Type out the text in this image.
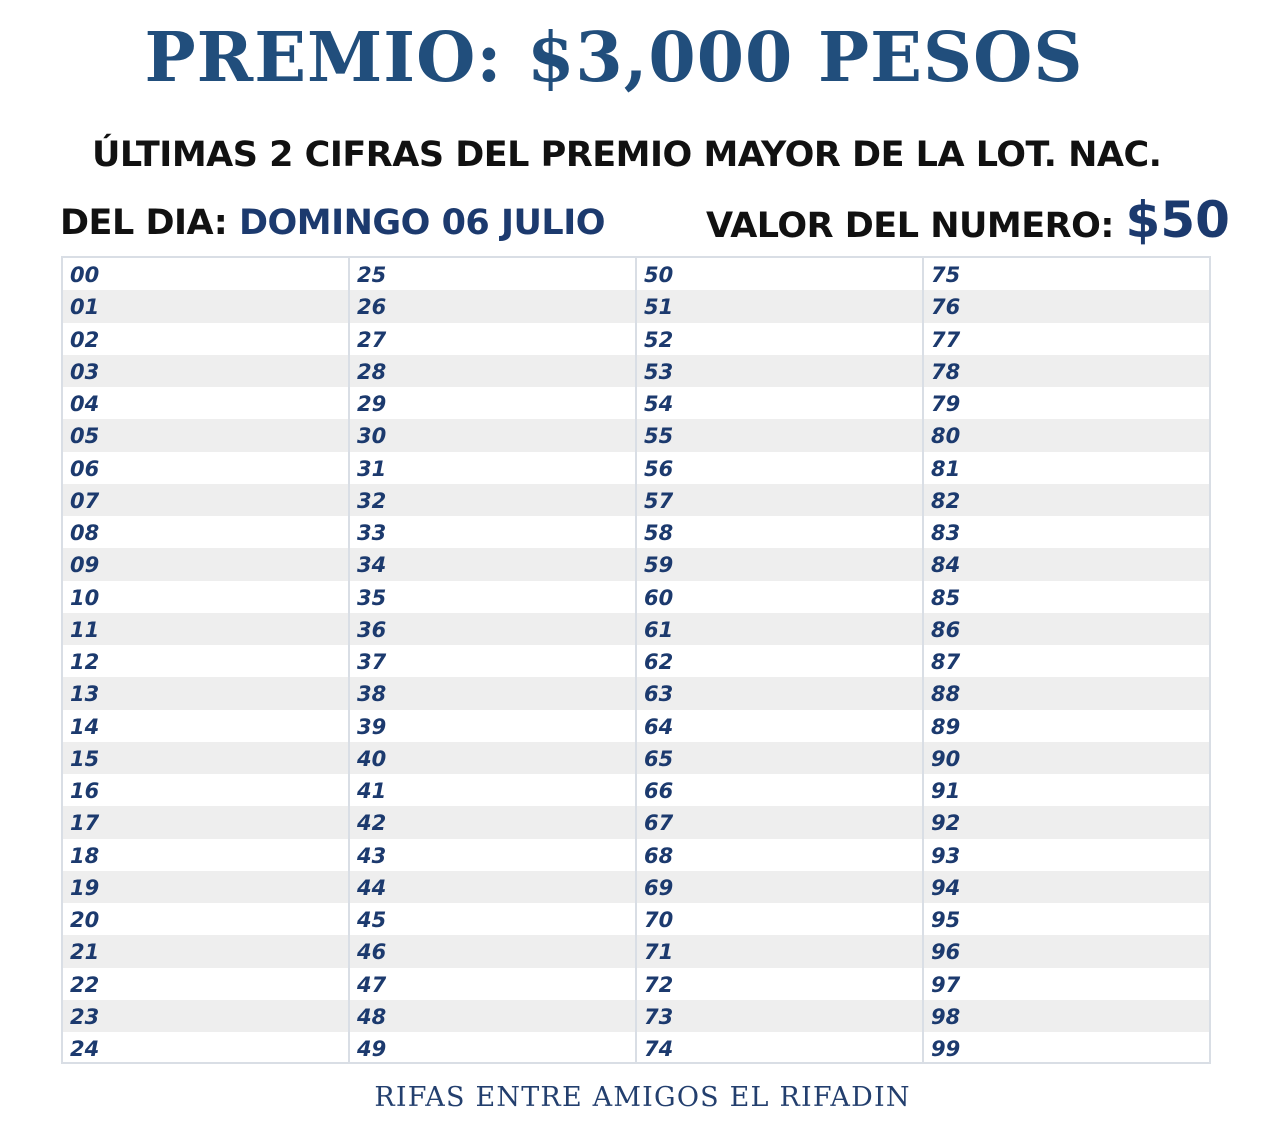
PREMIO: $3,000 PESOS
ÚLTIMAS 2 CIFRAS DEL PREMIO MAYOR DE LA LOT. NAC.
DEL DIA: DOMINGO 06 JULIO	VALOR DEL NUMERO: $50
00
01
02
03
04
05
06
07
08
09
10
11
12
13
14
15
16
17
18
19
20
21
22
23
24
25
26
27
28
29
30
31
32
33
34
35
36
37
38
39
40
41
42
43
44
45
46
47
48
49
50
51
52
53
54
55
56
57
58
59
60
61
62
63
64
65
66
67
68
69
70
71
72
73
74
75
76
77
78
79
80
81
82
83
84
85
86
87
88
89
90
91
92
93
94
95
96
97
98
99
RIFAS ENTRE AMIGOS EL RIFADIN
